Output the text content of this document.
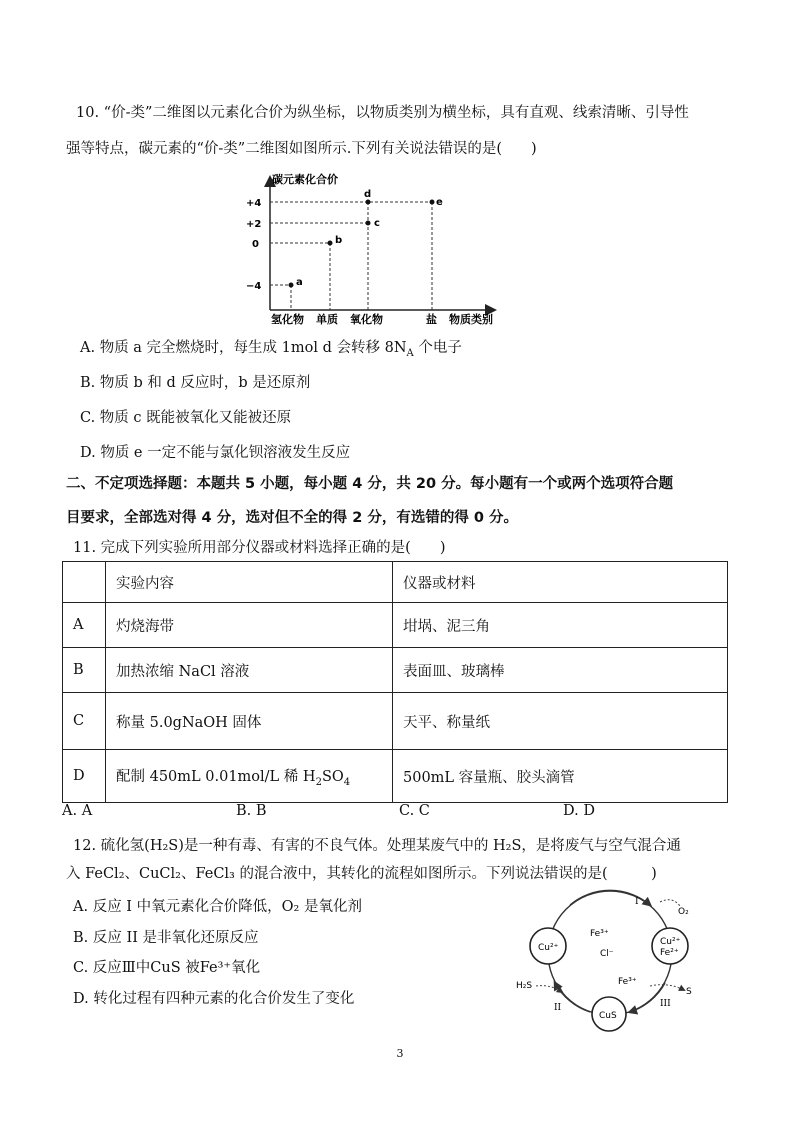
10. “价-类”二维图以元素化合价为纵坐标，以物质类别为横坐标，具有直观、线索清晰、引导性
强等特点，碳元素的“价-类”二维图如图所示.下列有关说法错误的是(　　)
碳元素化合价
+4
+2
0
−4	a
b
c
d
e
氢化物 单质 氧化物	盐 物质类别
A. 物质 a 完全燃烧时，每生成 1mol d 会转移 $8N_A$ 个电子
B. 物质 b 和 d 反应时，b 是还原剂
C. 物质 c 既能被氧化又能被还原
D. 物质 e 一定不能与氯化钡溶液发生反应
二、不定项选择题：本题共 5 小题，每小题 4 分，共 20 分。每小题有一个或两个选项符合题
目要求，全部选对得 4 分，选对但不全的得 2 分，有选错的得 0 分。
11. 完成下列实验所用部分仪器或材料选择正确的是(　　)
	实验内容	仪器或材料
A	灼烧海带	坩埚、泥三角
B	加热浓缩 NaCl 溶液	表面皿、玻璃棒
C	称量 5.0gNaOH 固体	天平、称量纸
D	配制 450mL 0.01mol/L 稀 $H_2SO_4$	500mL 容量瓶、胶头滴管
A. A	B. B	C. C	D. D
12. 硫化氢(H₂S)是一种有毒、有害的不良气体。处理某废气中的 H₂S，是将废气与空气混合通
入 FeCl₂、CuCl₂、FeCl₃ 的混合液中，其转化的流程如图所示。下列说法错误的是(　　　)
A. 反应 I 中氧元素化合价降低，O₂ 是氧化剂
B. 反应 II 是非氧化还原反应
C. 反应Ⅲ中CuS 被Fe³⁺氧化
D. 转化过程有四种元素的化合价发生了变化
Cu²⁺
Cu²⁺
Fe²⁺
CuS
I
O₂
Fe³⁺
Cl⁻
H₂S
II
Fe³⁺
III
S
3
